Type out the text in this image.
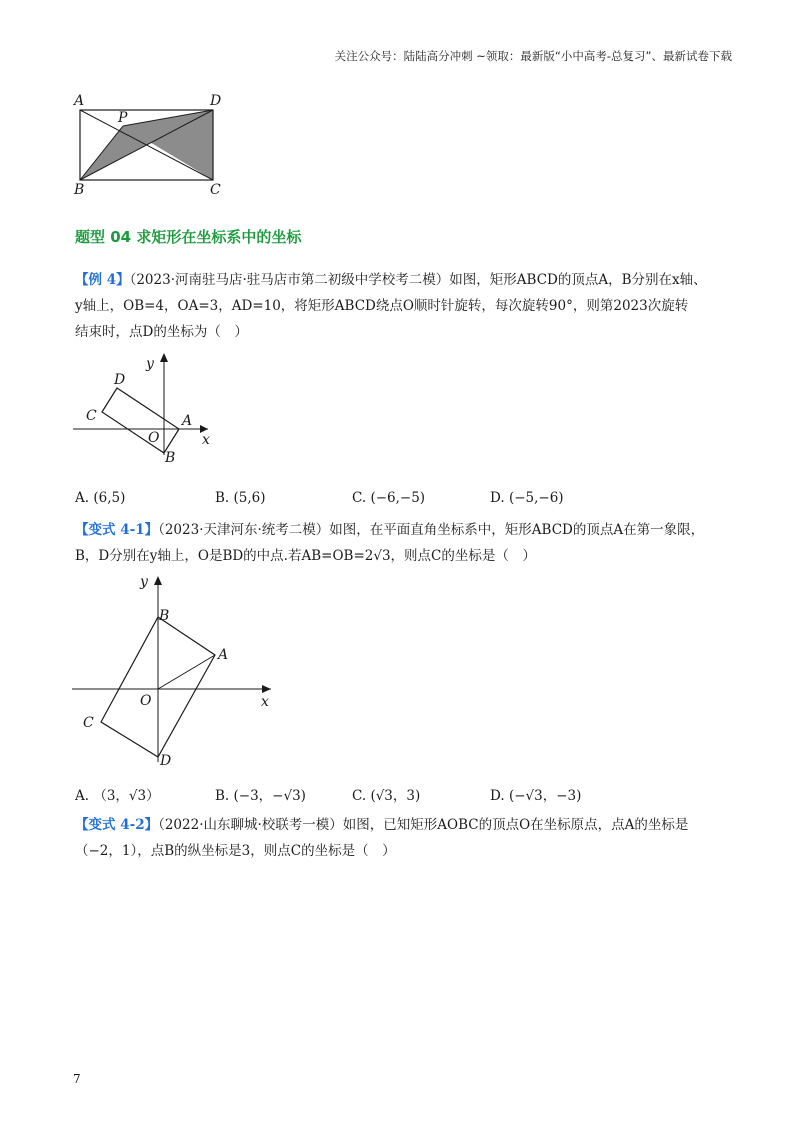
关注公众号：陆陆高分冲刺 ~领取：最新版“小中高考-总复习”、最新试卷下载
A	D
P
B	C
题型 04 求矩形在坐标系中的坐标
【例 4】（2023·河南驻马店·驻马店市第二初级中学校考二模）如图，矩形ABCD的顶点A，B分别在x轴、
y轴上，OB=4，OA=3，AD=10，将矩形ABCD绕点O顺时针旋转，每次旋转90°，则第2023次旋转
结束时，点D的坐标为（　）
y
x
D
C	A
O
B
A. (6,5)	B. (5,6)	C. (−6,−5)	D. (−5,−6)
【变式 4-1】（2023·天津河东·统考二模）如图，在平面直角坐标系中，矩形ABCD的顶点A在第一象限，
B，D分别在y轴上，O是BD的中点.若AB=OB=2√3，则点C的坐标是（　）
y
x
B
A
O
C
D
A. （3，√3）	B. (−3，−√3)	C. (√3，3)	D. (−√3，−3)
【变式 4-2】（2022·山东聊城·校联考一模）如图，已知矩形AOBC的顶点O在坐标原点，点A的坐标是
（−2，1），点B的纵坐标是3，则点C的坐标是（　）
7
